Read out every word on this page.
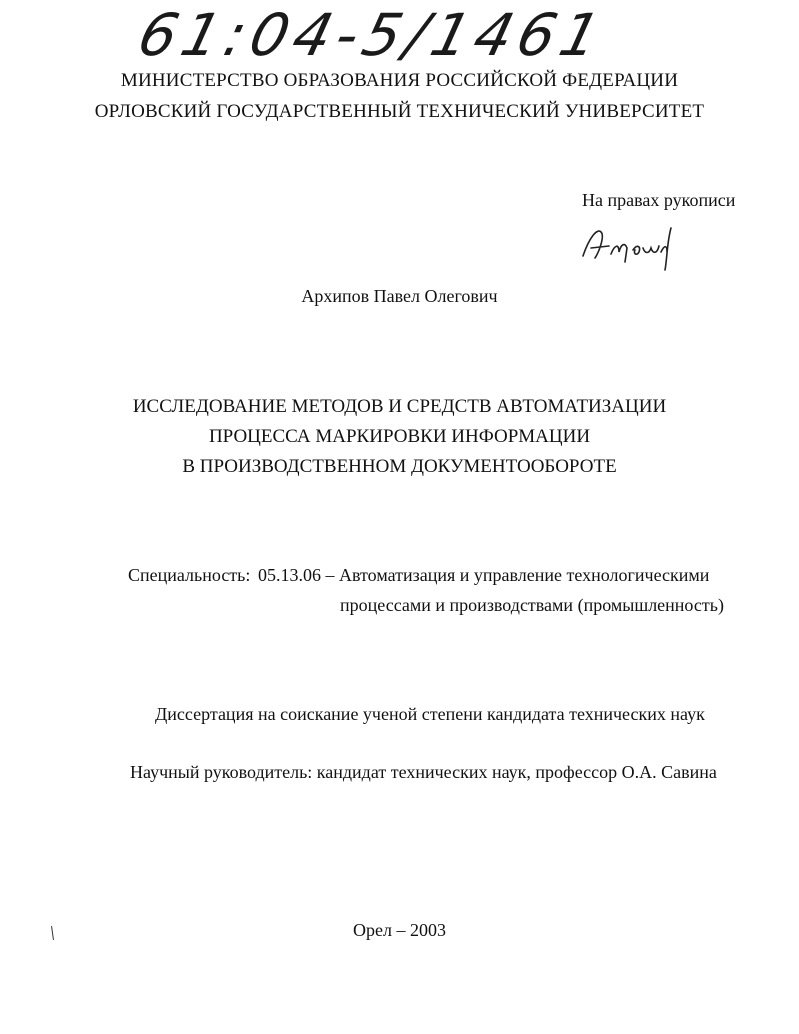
61:04-5/1461
МИНИСТЕРСТВО ОБРАЗОВАНИЯ РОССИЙСКОЙ ФЕДЕРАЦИИ
ОРЛОВСКИЙ ГОСУДАРСТВЕННЫЙ ТЕХНИЧЕСКИЙ УНИВЕРСИТЕТ
На правах рукописи
Архипов Павел Олегович
ИССЛЕДОВАНИЕ МЕТОДОВ И СРЕДСТВ АВТОМАТИЗАЦИИ
ПРОЦЕССА МАРКИРОВКИ ИНФОРМАЦИИ
В ПРОИЗВОДСТВЕННОМ ДОКУМЕНТООБОРОТЕ
Специальность: 05.13.06 – Автоматизация и управление технологическими
процессами и производствами (промышленность)
Диссертация на соискание ученой степени кандидата технических наук
Научный руководитель: кандидат технических наук, профессор О.А. Савина
Орел – 2003
